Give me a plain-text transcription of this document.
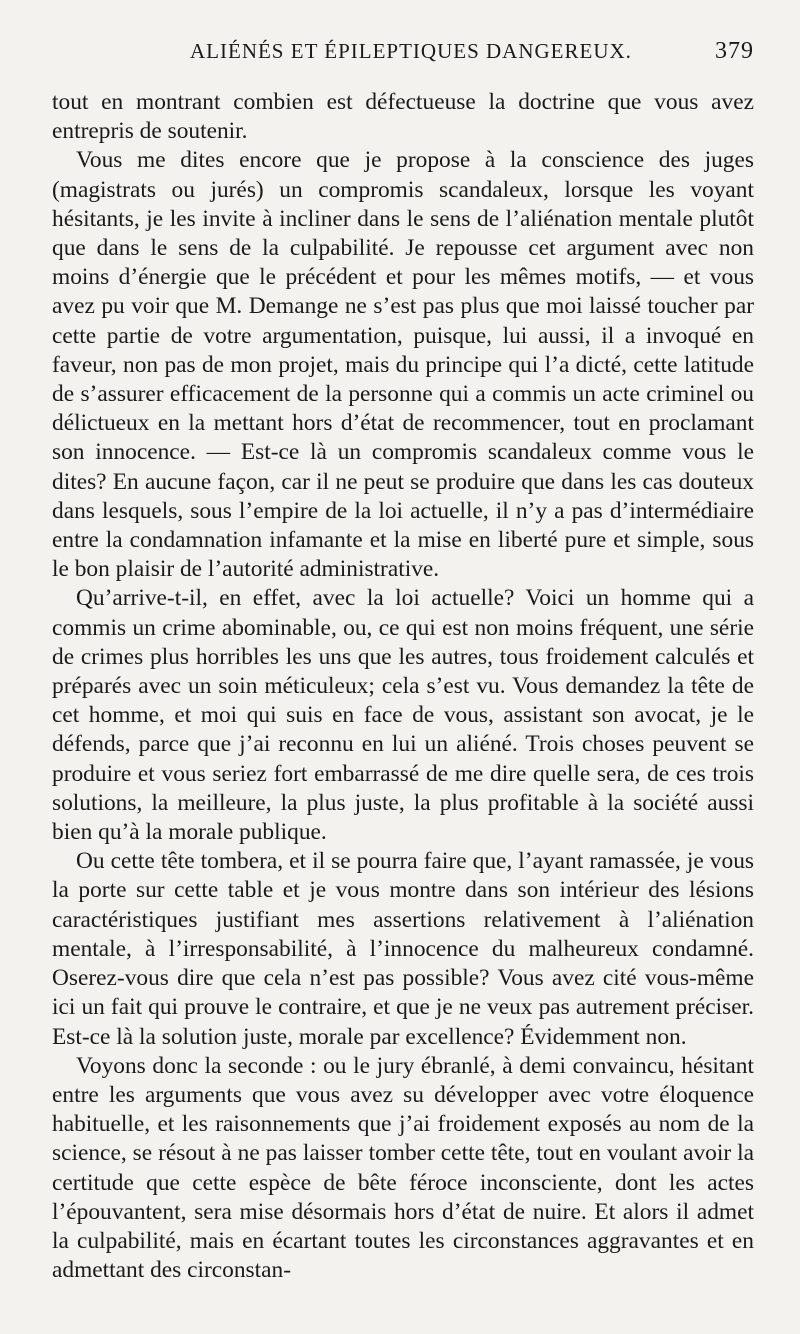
ALIÉNÉS ET ÉPILEPTIQUES DANGEREUX.	379

tout en montrant combien est défectueuse la doctrine que vous avez entrepris de soutenir.

Vous me dites encore que je propose à la conscience des juges (magistrats ou jurés) un compromis scandaleux, lorsque les voyant hésitants, je les invite à incliner dans le sens de l’aliénation mentale plutôt que dans le sens de la culpabilité. Je repousse cet argument avec non moins d’énergie que le précédent et pour les mêmes motifs, — et vous avez pu voir que M. Demange ne s’est pas plus que moi laissé toucher par cette partie de votre argumentation, puisque, lui aussi, il a invoqué en faveur, non pas de mon projet, mais du principe qui l’a dicté, cette latitude de s’assurer efficacement de la personne qui a commis un acte criminel ou délictueux en la mettant hors d’état de recommencer, tout en proclamant son innocence. — Est-ce là un compromis scandaleux comme vous le dites? En aucune façon, car il ne peut se produire que dans les cas douteux dans lesquels, sous l’empire de la loi actuelle, il n’y a pas d’intermédiaire entre la condamnation infamante et la mise en liberté pure et simple, sous le bon plaisir de l’autorité administrative.

Qu’arrive-t-il, en effet, avec la loi actuelle? Voici un homme qui a commis un crime abominable, ou, ce qui est non moins fréquent, une série de crimes plus horribles les uns que les autres, tous froidement calculés et préparés avec un soin méticuleux; cela s’est vu. Vous demandez la tête de cet homme, et moi qui suis en face de vous, assistant son avocat, je le défends, parce que j’ai reconnu en lui un aliéné. Trois choses peuvent se produire et vous seriez fort embarrassé de me dire quelle sera, de ces trois solutions, la meilleure, la plus juste, la plus profitable à la société aussi bien qu’à la morale publique.

Ou cette tête tombera, et il se pourra faire que, l’ayant ramassée, je vous la porte sur cette table et je vous montre dans son intérieur des lésions caractéristiques justifiant mes assertions relativement à l’aliénation mentale, à l’irresponsabilité, à l’innocence du malheureux condamné. Oserez-vous dire que cela n’est pas possible? Vous avez cité vous-même ici un fait qui prouve le contraire, et que je ne veux pas autrement préciser. Est-ce là la solution juste, morale par excellence? Évidemment non.

Voyons donc la seconde : ou le jury ébranlé, à demi convaincu, hésitant entre les arguments que vous avez su développer avec votre éloquence habituelle, et les raisonnements que j’ai froidement exposés au nom de la science, se résout à ne pas laisser tomber cette tête, tout en voulant avoir la certitude que cette espèce de bête féroce inconsciente, dont les actes l’épouvantent, sera mise désormais hors d’état de nuire. Et alors il admet la culpabilité, mais en écartant toutes les circonstances aggravantes et en admettant des circonstan-
